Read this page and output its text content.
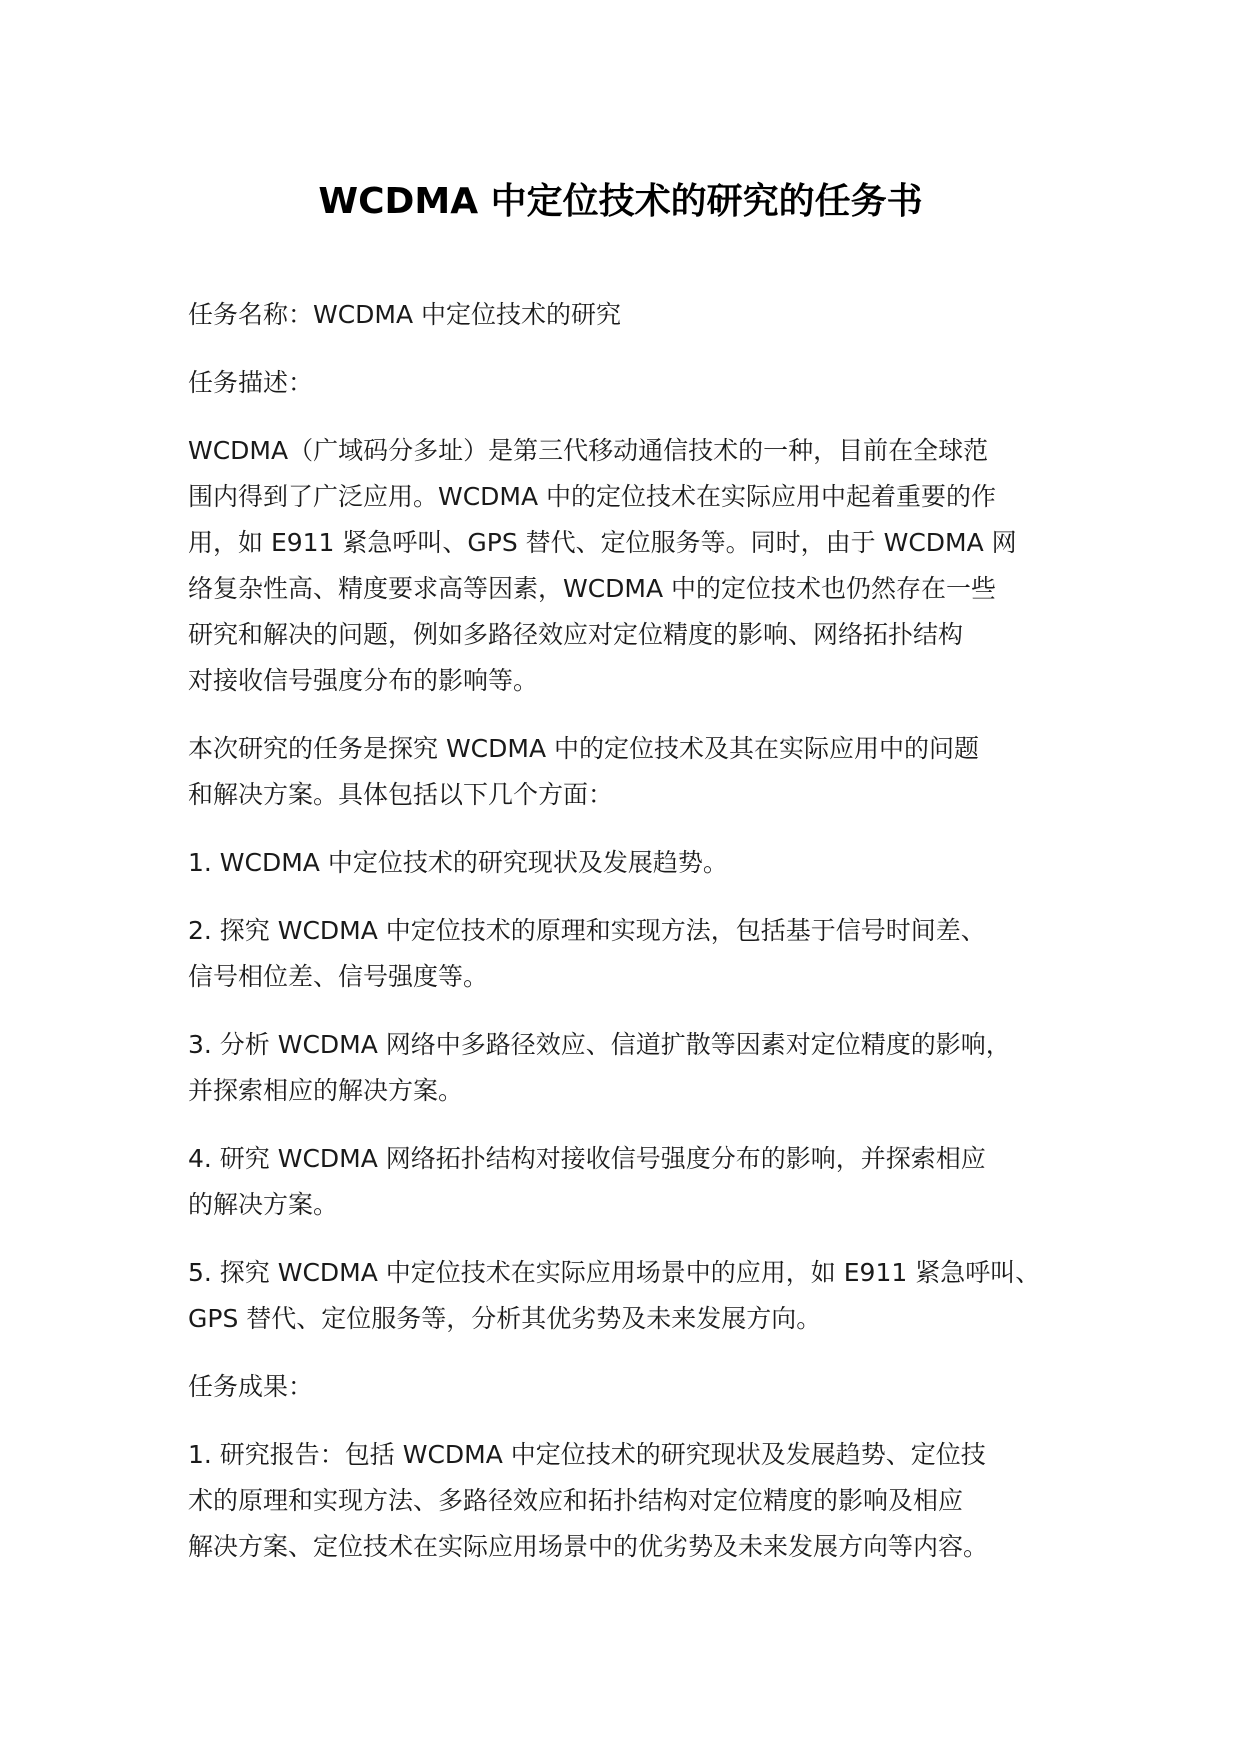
WCDMA 中定位技术的研究的任务书

任务名称：WCDMA 中定位技术的研究

任务描述：

WCDMA（广域码分多址）是第三代移动通信技术的一种，目前在全球范
围内得到了广泛应用。WCDMA 中的定位技术在实际应用中起着重要的作
用，如 E911 紧急呼叫、GPS 替代、定位服务等。同时，由于 WCDMA 网
络复杂性高、精度要求高等因素，WCDMA 中的定位技术也仍然存在一些
研究和解决的问题，例如多路径效应对定位精度的影响、网络拓扑结构
对接收信号强度分布的影响等。

本次研究的任务是探究 WCDMA 中的定位技术及其在实际应用中的问题
和解决方案。具体包括以下几个方面：

1. WCDMA 中定位技术的研究现状及发展趋势。

2. 探究 WCDMA 中定位技术的原理和实现方法，包括基于信号时间差、
信号相位差、信号强度等。

3. 分析 WCDMA 网络中多路径效应、信道扩散等因素对定位精度的影响，
并探索相应的解决方案。

4. 研究 WCDMA 网络拓扑结构对接收信号强度分布的影响，并探索相应
的解决方案。

5. 探究 WCDMA 中定位技术在实际应用场景中的应用，如 E911 紧急呼叫、
GPS 替代、定位服务等，分析其优劣势及未来发展方向。

任务成果：

1. 研究报告：包括 WCDMA 中定位技术的研究现状及发展趋势、定位技
术的原理和实现方法、多路径效应和拓扑结构对定位精度的影响及相应
解决方案、定位技术在实际应用场景中的优劣势及未来发展方向等内容。
